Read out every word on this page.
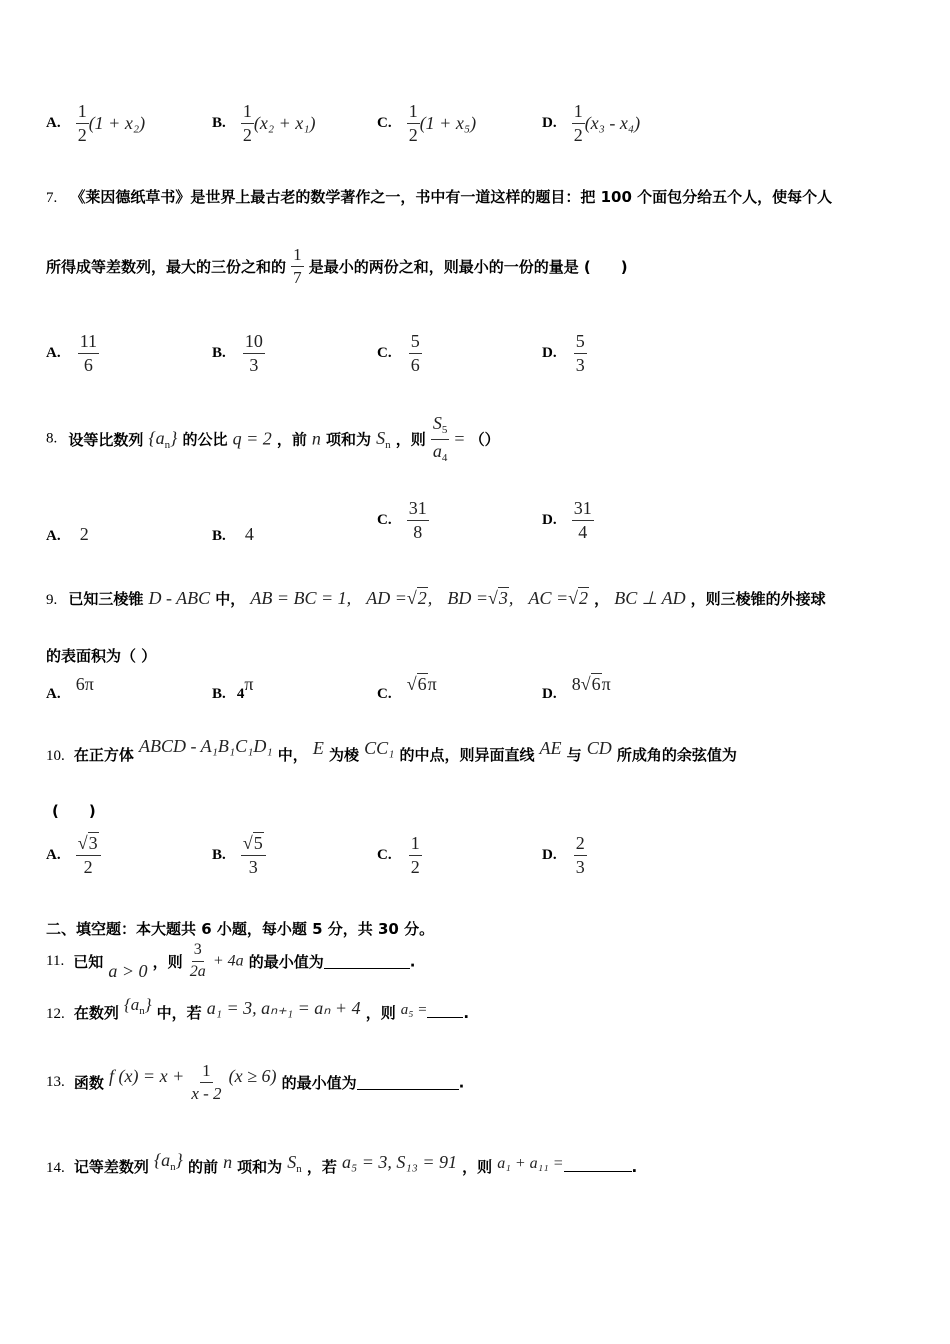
A. $\frac{1}{2} (1 + x_2)$	B. $\frac{1}{2} (x_2 + x_1)$	C. $\frac{1}{2} (1 + x_5)$	D. $\frac{1}{2} (x_3 - x_4)$
7. 《莱因德纸草书》是世界上最古老的数学著作之一，书中有一道这样的题目：把 100 个面包分给五个人，使每个人
所得成等差数列，最大的三份之和的 $\frac{1}{7}$ 是最小的两份之和，则最小的一份的量是 (　　)
A. $\frac{11}{6}$	B. $\frac{10}{3}$	C. $\frac{5}{6}$	D. $\frac{5}{3}$
8. 设等比数列 $\{a_n\}$ 的公比 q = 2 ，前 n 项和为 $S_n$ ，则 $\frac{S_5}{a_4}$ = （）
A. 2	B. 4
C. $\frac{31}{8}$	D. $\frac{31}{4}$
9. 已知三棱锥 D - ABC 中， AB = BC = 1, AD =√2, BD =√3, AC =√2 ， BC ⊥ AD ，则三棱锥的外接球
的表面积为（ ）
A. 6π	B. 4π	C. √6π	D. 8√6π
10. 在正方体 ABCD - A₁B₁C₁D₁ 中， E 为棱 CC₁ 的中点，则异面直线 AE 与 CD 所成角的余弦值为
(　　)
A. $\frac{√3}{2}$	B. $\frac{√5}{3}$	C. $\frac{1}{2}$	D. $\frac{2}{3}$
二、填空题：本大题共 6 小题，每小题 5 分，共 30 分。
11. 已知 a > 0 ，则 $\frac{3}{2a} + 4a$ 的最小值为	.
12. 在数列 $\{a_n\}$ 中，若 a₁ = 3, aₙ₊₁ = aₙ + 4 ，则 a₅ = .
13. 函数 f $(x) = x + \frac{1}{x - 2} (x \ge 6)$ 的最小值为	.
14. 记等差数列 $\{a_n\}$ 的前 n 项和为 $S_n$ ，若 a₅ = 3, S₁₃ = 91 ，则 a₁ + a₁₁ =	.
